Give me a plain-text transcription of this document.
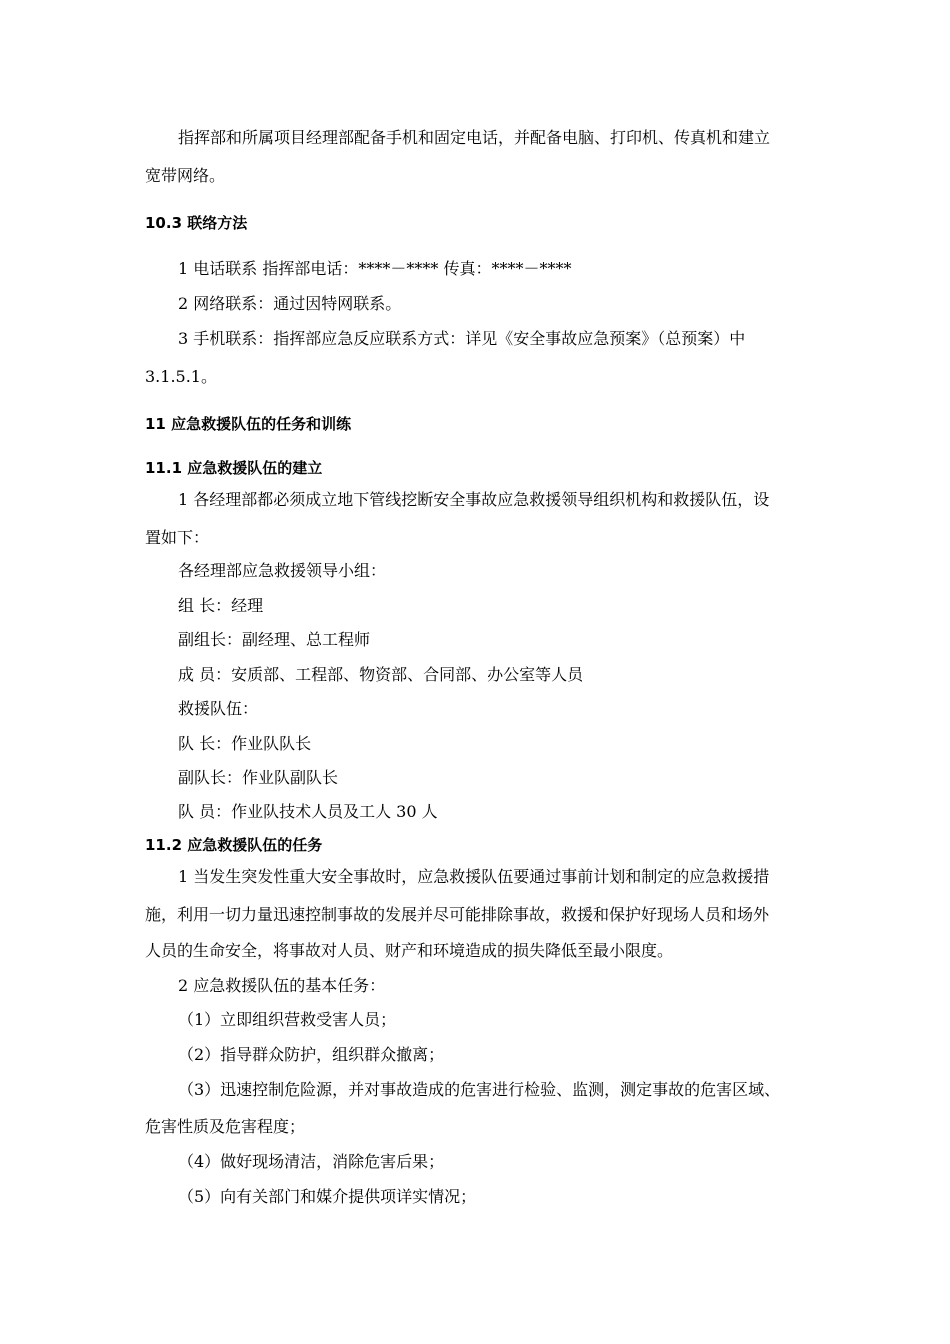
指挥部和所属项目经理部配备手机和固定电话，并配备电脑、打印机、传真机和建立
宽带网络。
10.3 联络方法
1 电话联系 指挥部电话：****－**** 传真：****－****
2 网络联系：通过因特网联系。
3 手机联系：指挥部应急反应联系方式：详见《安全事故应急预案》（总预案）中
3.1.5.1。
11 应急救援队伍的任务和训练
11.1 应急救援队伍的建立
1 各经理部都必须成立地下管线挖断安全事故应急救援领导组织机构和救援队伍，设
置如下：
各经理部应急救援领导小组：
组 长：经理
副组长：副经理、总工程师
成 员：安质部、工程部、物资部、合同部、办公室等人员
救援队伍：
队 长：作业队队长
副队长：作业队副队长
队 员：作业队技术人员及工人 30 人
11.2 应急救援队伍的任务
1 当发生突发性重大安全事故时，应急救援队伍要通过事前计划和制定的应急救援措
施，利用一切力量迅速控制事故的发展并尽可能排除事故，救援和保护好现场人员和场外
人员的生命安全，将事故对人员、财产和环境造成的损失降低至最小限度。
2 应急救援队伍的基本任务：
（1）立即组织营救受害人员；
（2）指导群众防护，组织群众撤离；
（3）迅速控制危险源，并对事故造成的危害进行检验、监测，测定事故的危害区域、
危害性质及危害程度；
（4）做好现场清洁，消除危害后果；
（5）向有关部门和媒介提供项详实情况；
